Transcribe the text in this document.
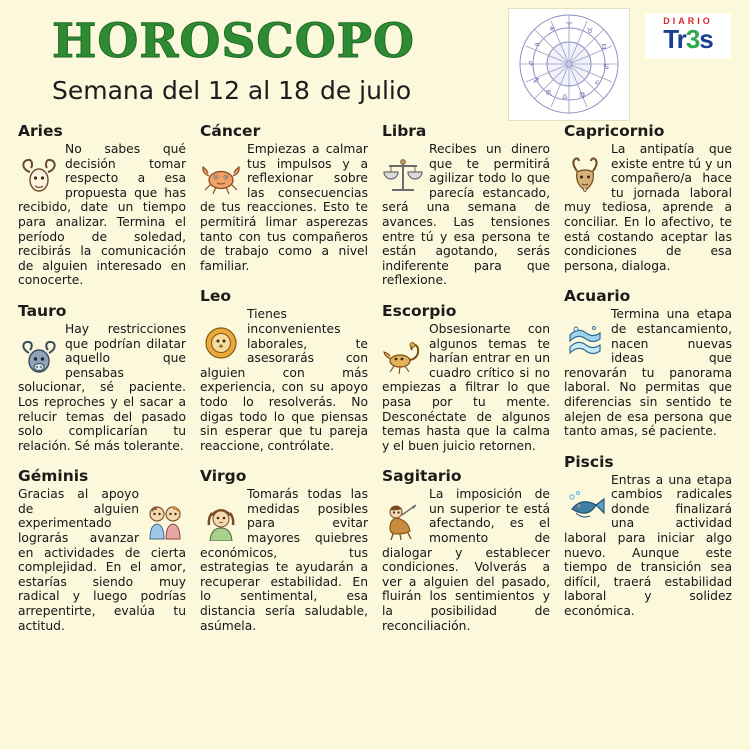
HOROSCOPO
Semana del 12 al 18 de julio
♈
♉
♊
♋
♌
♍
♎
♏
♐
♑
♒
♓
DIARIO
Tr3s
Aries
No sabes qué decisión tomar respecto a esa propuesta que has recibido, date un tiempo para analizar. Termina el período de soledad, recibirás la comunicación de alguien interesado en conocerte.
Tauro
Hay restricciones que podrían dilatar aquello que pensabas solucionar, sé paciente. Los reproches y el sacar a relucir temas del pasado solo complicarían tu relación. Sé más tolerante.
Géminis
Gracias al apoyo de alguien experimentado lograrás avanzar en actividades de cierta complejidad. En el amor, estarías siendo muy radical y luego podrías arrepentirte, evalúa tu actitud.
Cáncer
Empiezas a calmar tus impulsos y a reflexionar sobre las consecuencias de tus reacciones. Esto te permitirá limar asperezas tanto con tus compañeros de trabajo como a nivel familiar.
Leo
Tienes inconvenientes laborales, te asesorarás con alguien con más experiencia, con su apoyo todo lo resolverás. No digas todo lo que piensas sin esperar que tu pareja reaccione, contrólate.
Virgo
Tomarás todas las medidas posibles para evitar mayores quiebres económicos, tus estrategias te ayudarán a recuperar estabilidad. En lo sentimental, esa distancia sería saludable, asúmela.
Libra
Recibes un dinero que te permitirá agilizar todo lo que parecía estancado, será una semana de avances. Las tensiones entre tú y esa persona te están agotando, serás indiferente para que reflexione.
Escorpio
Obsesionarte con algunos temas te harían entrar en un cuadro crítico si no empiezas a filtrar lo que pasa por tu mente. Desconéctate de algunos temas hasta que la calma y el buen juicio retornen.
Sagitario
La imposición de un superior te está afectando, es el momento de dialogar y establecer condiciones. Volverás a ver a alguien del pasado, fluirán los sentimientos y la posibilidad de reconciliación.
Capricornio
La antipatía que existe entre tú y un compañero/a hace tu jornada laboral muy tediosa, aprende a conciliar. En lo afectivo, te está costando aceptar las condiciones de esa persona, dialoga.
Acuario
Termina una etapa de estancamiento, nacen nuevas ideas que renovarán tu panorama laboral. No permitas que diferencias sin sentido te alejen de esa persona que tanto amas, sé paciente.
Piscis
Entras a una etapa cambios radicales donde finalizará una actividad laboral para iniciar algo nuevo. Aunque este tiempo de transición sea difícil, traerá estabilidad laboral y solidez económica.
